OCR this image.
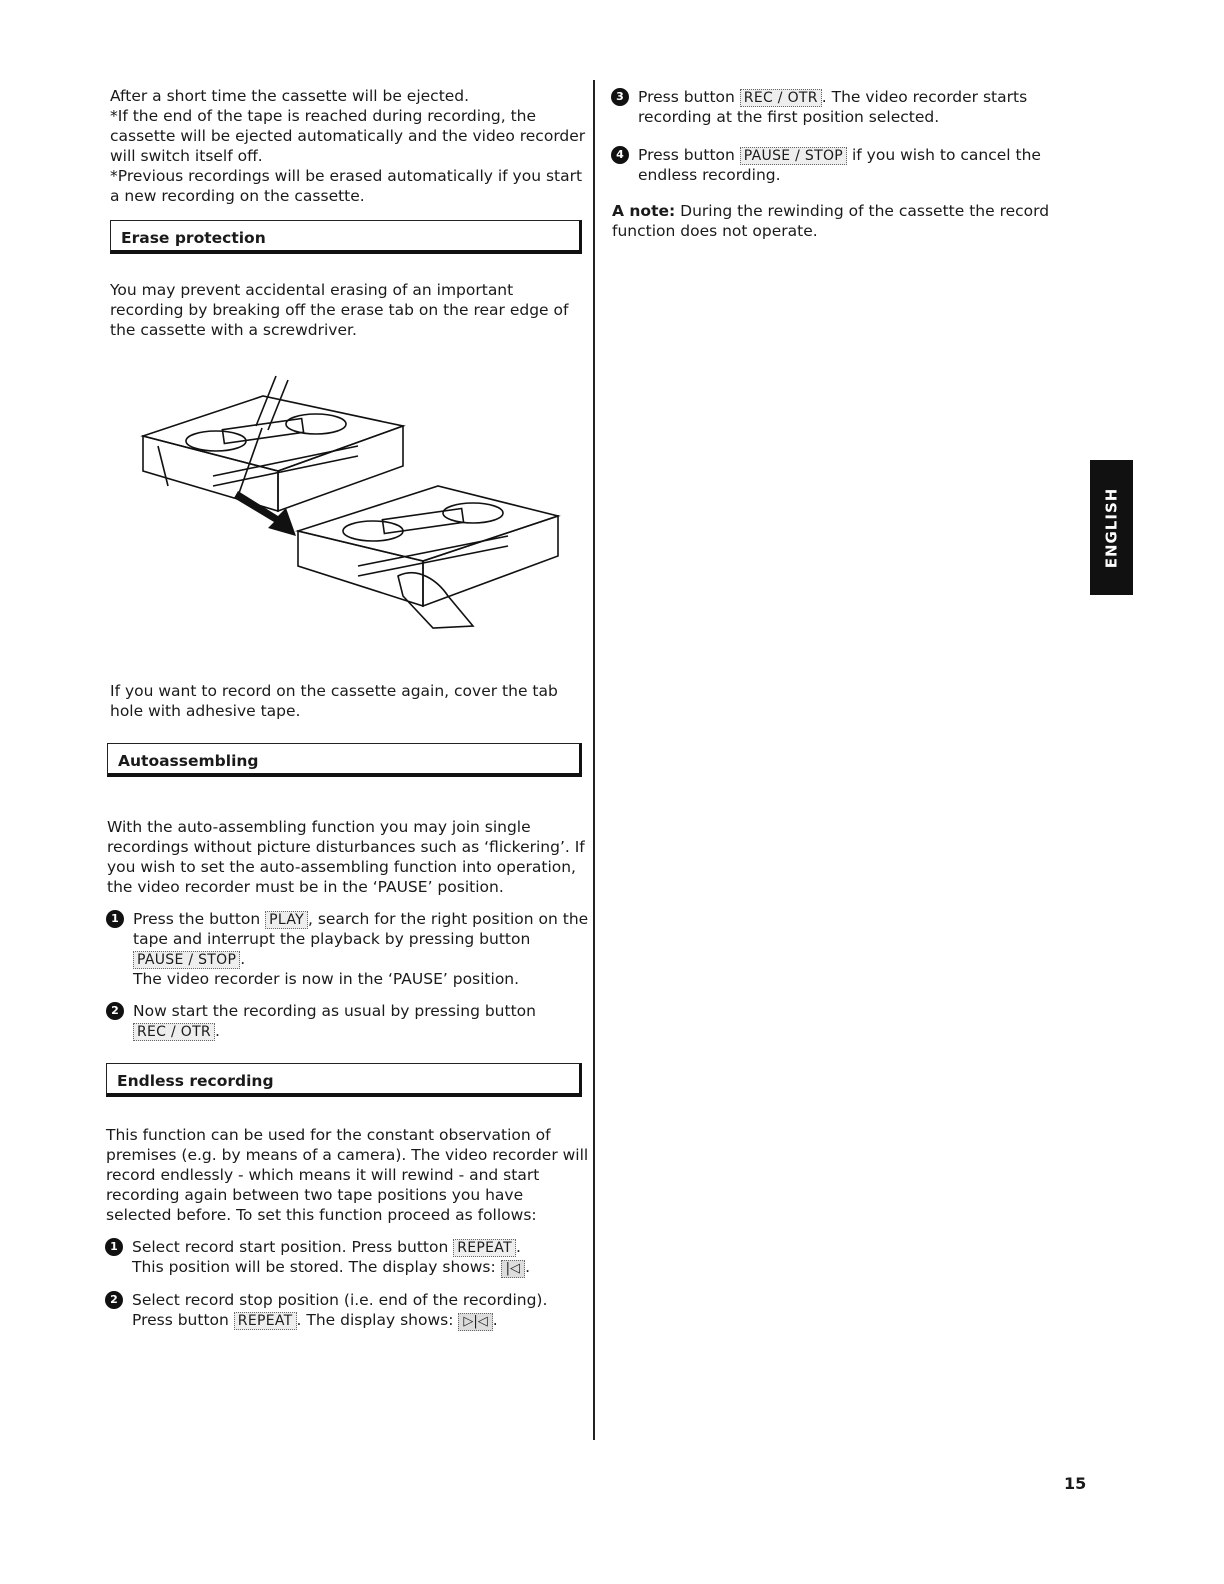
After a short time the cassette will be ejected.

*If the end of the tape is reached during recording, the cassette will be ejected automatically and the video recorder will switch itself off.

*Previous recordings will be erased automatically if you start a new recording on the cassette.

Erase protection

You may prevent accidental erasing of an important recording by breaking off the erase tab on the rear edge of the cassette with a screwdriver.

If you want to record on the cassette again, cover the tab hole with adhesive tape.

Autoassembling

With the auto-assembling function you may join single recordings without picture disturbances such as ‘flickering’. If you wish to set the auto-assembling function into operation, the video recorder must be in the ‘PAUSE’ position.

1 Press the button PLAY , search for the right position on the tape and interrupt the playback by pressing button PAUSE / STOP .

The video recorder is now in the ‘PAUSE’ position.

2 Now start the recording as usual by pressing button REC / OTR .
Endless recording

This function can be used for the constant observation of premises (e.g. by means of a camera). The video recorder will record endlessly - which means it will rewind - and start recording again between two tape positions you have selected before. To set this function proceed as follows:

1 Select record start position. Press button REPEAT .
This position will be stored. The display shows: |◁ .
2 Select record stop position (i.e. end of the recording).

Press button REPEAT . The display shows: ▷|◁ .
3 Press button REC / OTR . The video recorder starts recording at the first position selected.
4 Press button PAUSE / STOP if you wish to cancel the endless recording.

A note: During the rewinding of the cassette the record function does not operate.

ENGLISH
15
